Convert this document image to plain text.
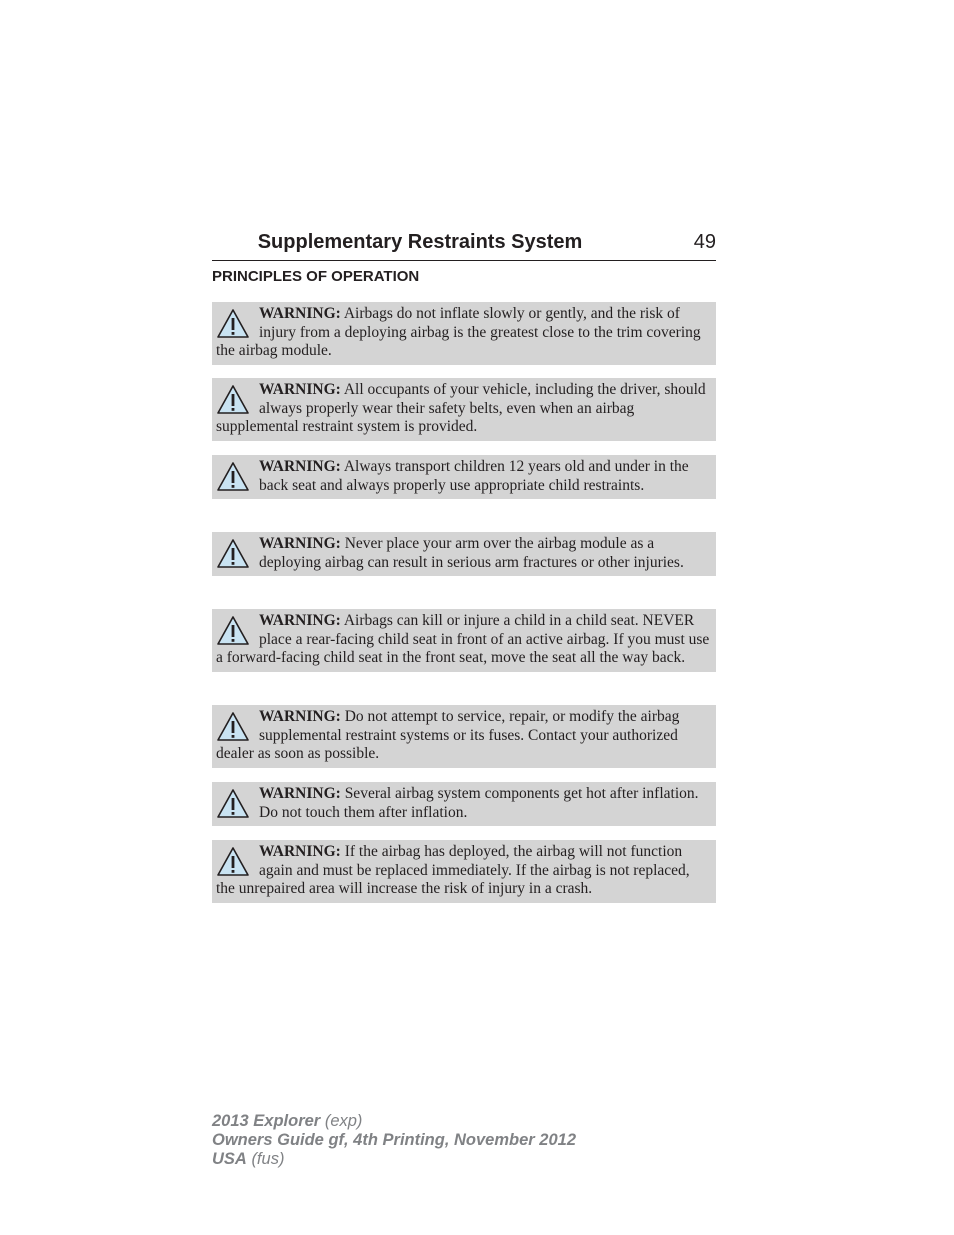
Supplementary Restraints System	49
PRINCIPLES OF OPERATION
WARNING: Airbags do not inflate slowly or gently, and the risk of injury from a deploying airbag is the greatest close to the trim covering the airbag module.
WARNING: All occupants of your vehicle, including the driver, should always properly wear their safety belts, even when an airbag supplemental restraint system is provided.
WARNING: Always transport children 12 years old and under in the back seat and always properly use appropriate child restraints.
WARNING: Never place your arm over the airbag module as a deploying airbag can result in serious arm fractures or other injuries.
WARNING: Airbags can kill or injure a child in a child seat. NEVER place a rear-facing child seat in front of an active airbag. If you must use a forward-facing child seat in the front seat, move the seat all the way back.
WARNING: Do not attempt to service, repair, or modify the airbag supplemental restraint systems or its fuses. Contact your authorized dealer as soon as possible.
WARNING: Several airbag system components get hot after inflation. Do not touch them after inflation.
WARNING: If the airbag has deployed, the airbag will not function again and must be replaced immediately. If the airbag is not replaced, the unrepaired area will increase the risk of injury in a crash.
2013 Explorer (exp)
Owners Guide gf, 4th Printing, November 2012
USA (fus)
